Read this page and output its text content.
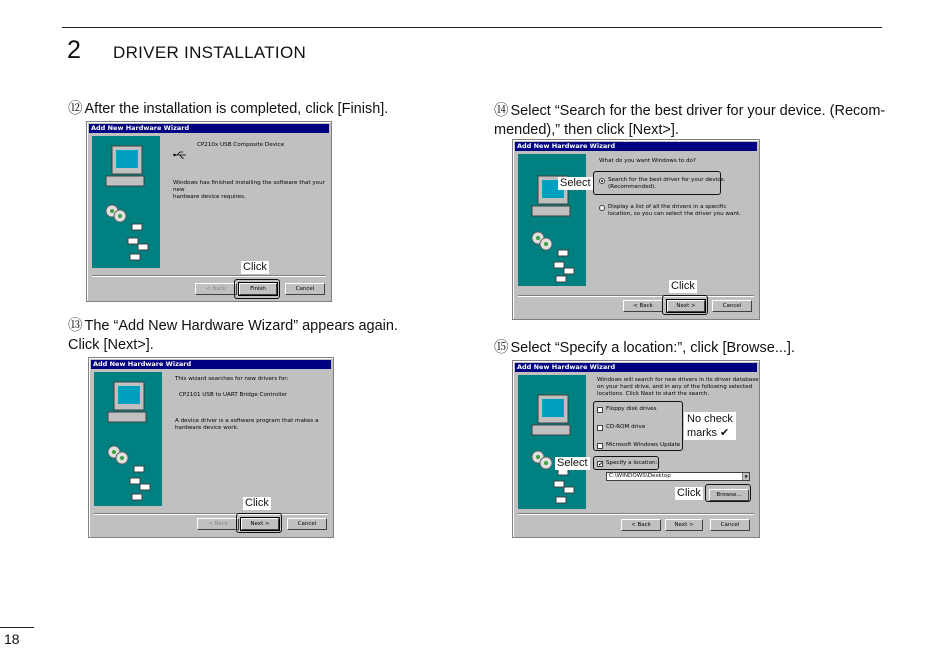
2 DRIVER INSTALLATION
⑫ After the installation is completed, click [Finish].
Add New Hardware Wizard
CP210x USB Composite Device
Windows has finished installing the software that your new
hardware device requires.
< Back	Finish	Cancel
Click
⑬ The “Add New Hardware Wizard” appears again.
Click [Next>].
Add New Hardware Wizard
This wizard searches for new drivers for:
CP2101 USB to UART Bridge Controller
A device driver is a software program that makes a
hardware device work.
< Back	Next >	Cancel
Click
⑭ Select “Search for the best driver for your device. (Recom-
mended),” then click [Next>].
Add New Hardware Wizard
What do you want Windows to do?
Search for the best driver for your device.
(Recommended).
Display a list of all the drivers in a specific
location, so you can select the driver you want.
< Back	Next >	Cancel
Select
Click
⑮ Select “Specify a location:”, click [Browse...].
Add New Hardware Wizard
Windows will search for new drivers in its driver database
on your hard drive, and in any of the following selected
locations. Click Next to start the search.
Floppy disk drives
CD-ROM drive
Microsoft Windows Update
✔ Specify a location:
C:\WINDOWS\Desktop	▼
Browse...
< Back	Next >	Cancel
No check
marks ✔
Select
Click
18
